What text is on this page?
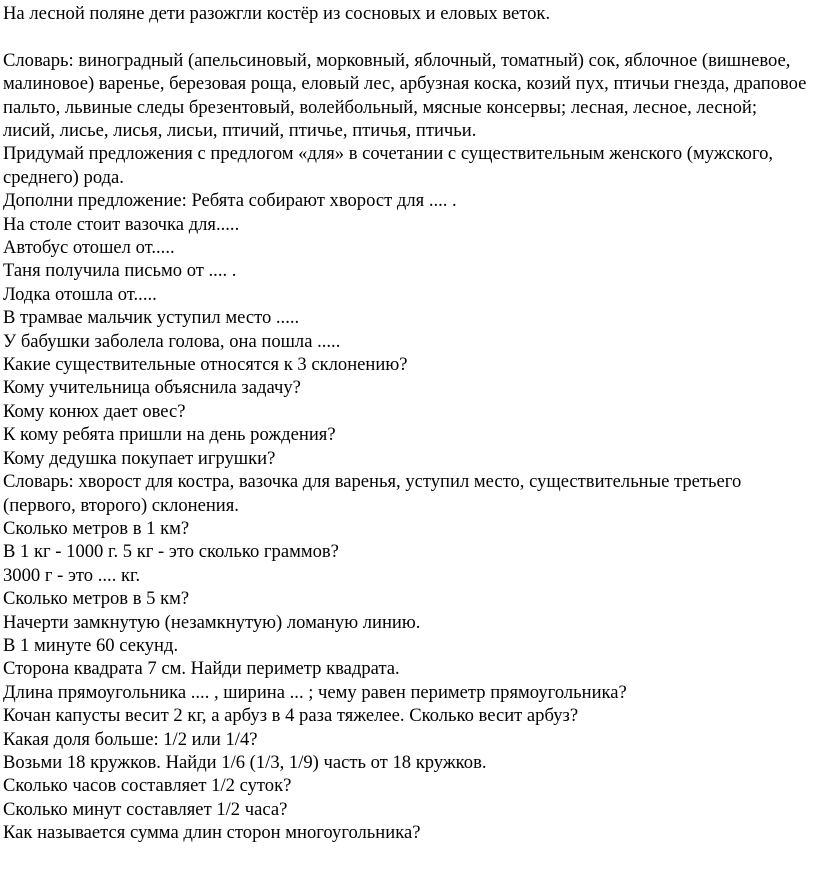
На лесной поляне дети разожгли костёр из сосновых и еловых веток.
Словарь: виноградный (апельсиновый, морковный, яблочный, томатный) сок, яблочное (вишневое, малиновое) варенье, березовая роща, еловый лес, арбузная коска, козий пух, птичьи гнезда, драповое пальто, львиные следы брезентовый, волейбольный, мясные консервы; лесная, лесное, лесной; лисий, лисье, лисья, лисьи, птичий, птичье, птичья, птичьи.
Придумай предложения с предлогом «для» в сочетании с существительным женского (мужского, среднего) рода.
Дополни предложение: Ребята собирают хворост для .... .
На столе стоит вазочка для.....
Автобус отошел от.....
Таня получила письмо от .... .
Лодка отошла от.....
В трамвае мальчик уступил место .....
У бабушки заболела голова, она пошла .....
Какие существительные относятся к 3 склонению?
Кому учительница объяснила задачу?
Кому конюх дает овес?
К кому ребята пришли на день рождения?
Кому дедушка покупает игрушки?
Словарь: хворост для костра, вазочка для варенья, уступил место, существительные третьего (первого, второго) склонения.
Сколько метров в 1 км?
В 1 кг - 1000 г. 5 кг - это сколько граммов?
3000 г - это .... кг.
Сколько метров в 5 км?
Начерти замкнутую (незамкнутую) ломаную линию.
В 1 минуте 60 секунд.
Сторона квадрата 7 см. Найди периметр квадрата.
Длина прямоугольника .... , ширина ... ; чему равен периметр прямоугольника?
Кочан капусты весит 2 кг, а арбуз в 4 раза тяжелее. Сколько весит арбуз?
Какая доля больше: 1/2 или 1/4?
Возьми 18 кружков. Найди 1/6 (1/3, 1/9) часть от 18 кружков.
Сколько часов составляет 1/2 суток?
Сколько минут составляет 1/2 часа?
Как называется сумма длин сторон многоугольника?
